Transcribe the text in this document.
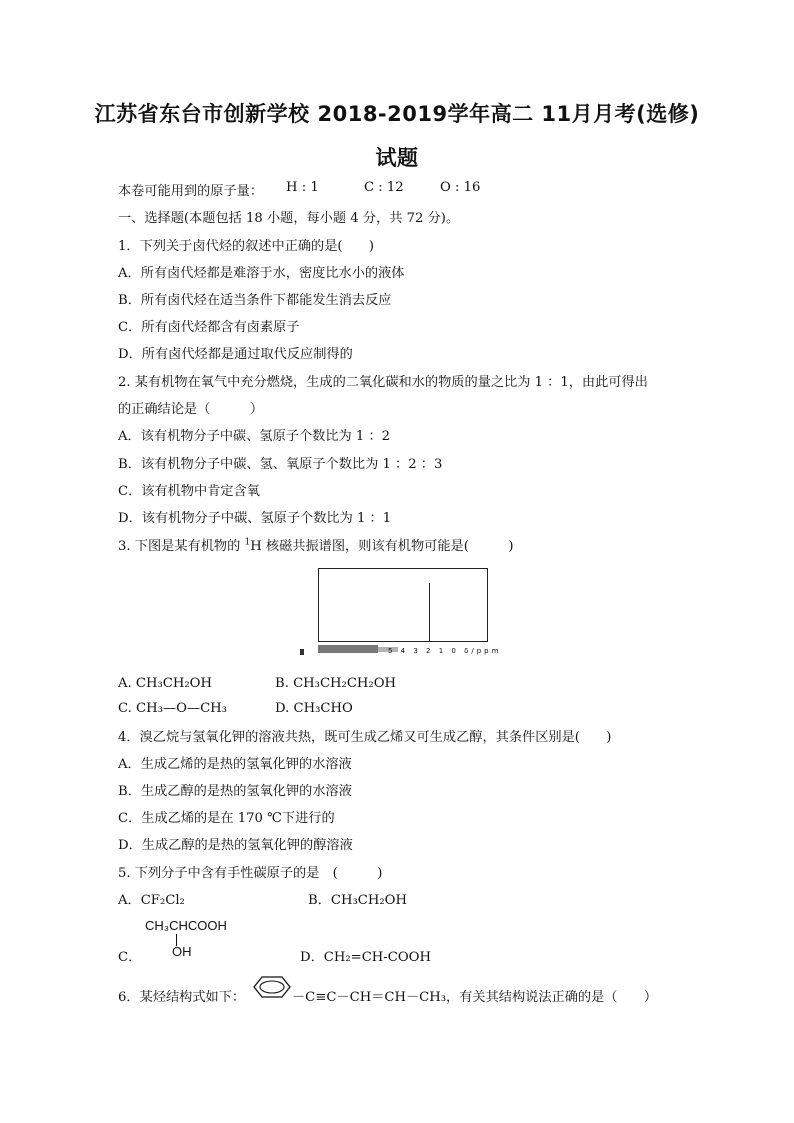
江苏省东台市创新学校 2018-2019学年高二 11月月考(选修)
试题
本卷可能用到的原子量： H : 1	C : 12	O : 16
一、选择题(本题包括 18 小题，每小题 4 分，共 72 分)。
1．下列关于卤代烃的叙述中正确的是(　　)
A．所有卤代烃都是难溶于水，密度比水小的液体
B．所有卤代烃在适当条件下都能发生消去反应
C．所有卤代烃都含有卤素原子
D．所有卤代烃都是通过取代反应制得的
2. 某有机物在氧气中充分燃烧，生成的二氧化碳和水的物质的量之比为 1 ：1，由此可得出
的正确结论是（　　　）
A．该有机物分子中碳、氢原子个数比为 1 ：2
B．该有机物分子中碳、氢、氧原子个数比为 1 ：2 ：3
C．该有机物中肯定含氧
D．该有机物分子中碳、氢原子个数比为 1 ：1
3. 下图是某有机物的 $^1$H 核磁共振谱图，则该有机物可能是(　　　)
5 4 3 2 1 0 δ/ppm
A. CH₃CH₂OH	B. CH₃CH₂CH₂OH
C. CH₃—O—CH₃	D. CH₃CHO
4．溴乙烷与氢氧化钾的溶液共热，既可生成乙烯又可生成乙醇，其条件区别是(　　)
A．生成乙烯的是热的氢氧化钾的水溶液
B．生成乙醇的是热的氢氧化钾的水溶液
C．生成乙烯的是在 170 ℃下进行的
D．生成乙醇的是热的氢氧化钾的醇溶液
5. 下列分子中含有手性碳原子的是　(　　　)
A．CF₂Cl₂	B．CH₃CH₂OH
CH₃CHCOOH
OH
C．	D．CH₂=CH-COOH
6．某烃结构式如下：	－C≡C－CH＝CH－CH₃，有关其结构说法正确的是（　　）
